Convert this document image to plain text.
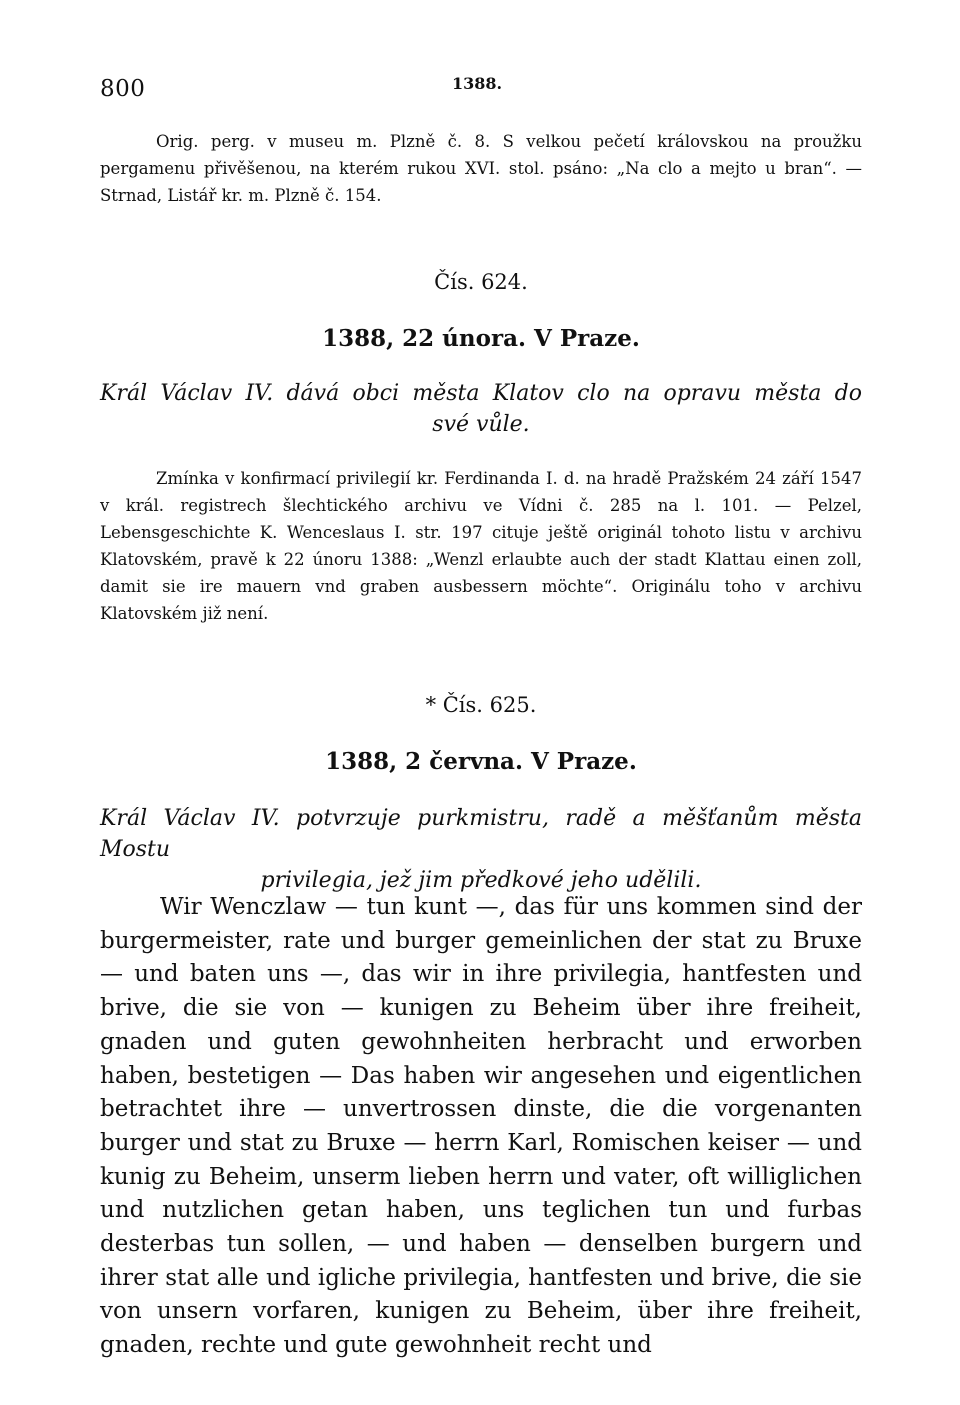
800	1388.

Orig. perg. v museu m. Plzně č. 8. S velkou pečetí královskou na proužku pergamenu přivěšenou, na kterém rukou XVI. stol. psáno: „Na clo a mejto u bran“. — Strnad, Listář kr. m. Plzně č. 154.

Čís. 624.
1388, 22 února. V Praze.
Král Václav IV. dává obci města Klatov clo na opravu města do
své vůle.

Zmínka v konfirmací privilegií kr. Ferdinanda I. d. na hradě Pražském 24 září 1547 v král. registrech šlechtického archivu ve Vídni č. 285 na l. 101. — Pelzel, Lebensgeschichte K. Wenceslaus I. str. 197 cituje ještě originál tohoto listu v archivu Klatovském, pravě k 22 únoru 1388: „Wenzl erlaubte auch der stadt Klattau einen zoll, damit sie ire mauern vnd graben ausbessern möchte“. Originálu toho v archivu Klatovském již není.

* Čís. 625.
1388, 2 června. V Praze.
Král Václav IV. potvrzuje purkmistru, radě a měšťanům města Mostu
privilegia, jež jim předkové jeho udělili.

Wir Wenczlaw — tun kunt —, das für uns kommen sind der burgermeister, rate und burger gemeinlichen der stat zu Bruxe — und baten uns —, das wir in ihre privilegia, hantfesten und brive, die sie von — kunigen zu Beheim über ihre freiheit, gnaden und guten gewohnheiten herbracht und erworben haben, bestetigen — Das haben wir angesehen und eigentlichen betrachtet ihre — unvertrossen dinste, die die vorgenanten burger und stat zu Bruxe — herrn Karl, Romischen keiser — und kunig zu Beheim, unserm lieben herrn und vater, oft williglichen und nutzlichen getan haben, uns teglichen tun und furbas desterbas tun sollen, — und haben — denselben burgern und ihrer stat alle und igliche privilegia, hantfesten und brive, die sie von unsern vorfaren, kunigen zu Beheim, über ihre freiheit, gnaden, rechte und gute gewohnheit recht und
